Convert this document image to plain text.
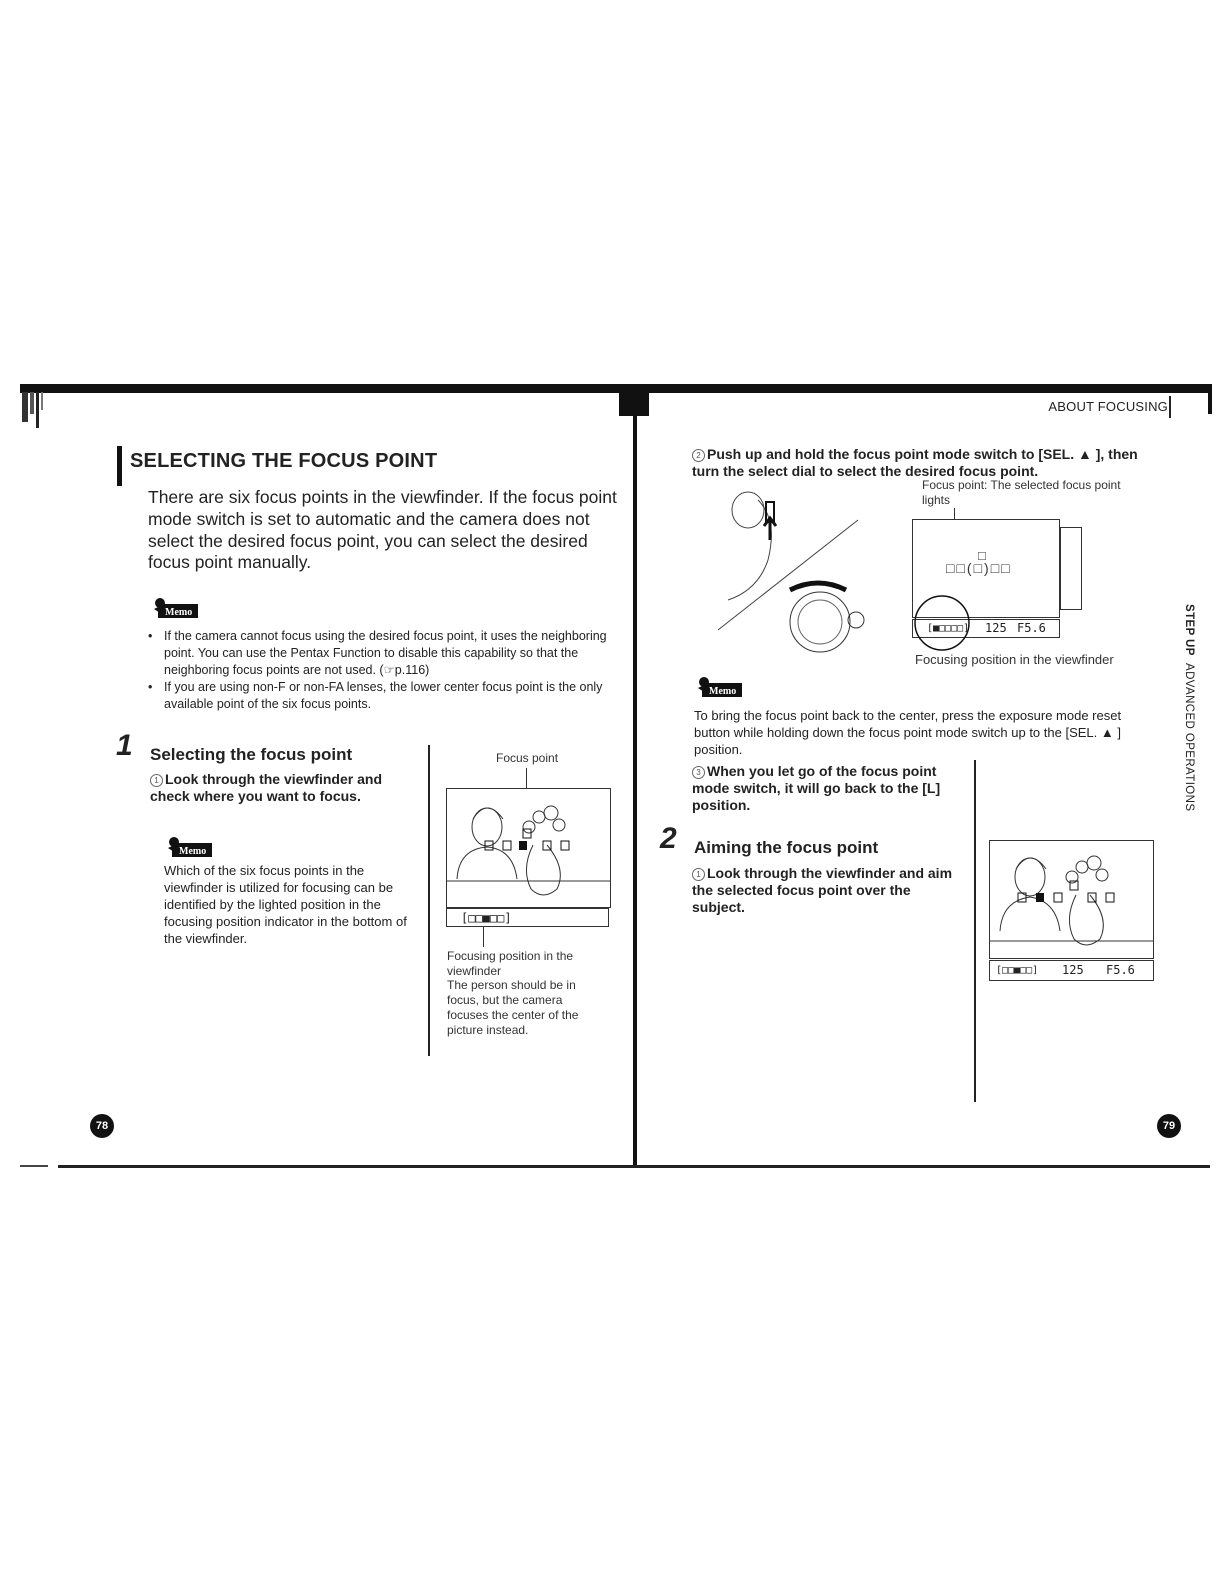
ABOUT FOCUSING
SELECTING THE FOCUS POINT
There are six focus points in the viewfinder. If the focus point mode switch is set to automatic and the camera does not select the desired focus point, you can select the desired focus point manually.
Memo
• If the camera cannot focus using the desired focus point, it uses the neighboring point. You can use the Pentax Function to disable this capability so that the neighboring focus points are not used. (☞p.116)
• If you are using non-F or non-FA lenses, the lower center focus point is the only available point of the six focus points.
1 Selecting the focus point
1 Look through the viewfinder and check where you want to focus.
Memo
Which of the six focus points in the viewfinder is utilized for focusing can be identified by the lighted position in the focusing position indicator in the bottom of the viewfinder.
Focus point
[□□■□□]
Focusing position in the viewfinder
The person should be in focus, but the camera focuses the center of the picture instead.
78
2 Push up and hold the focus point mode switch to [SEL. ▲ ], then turn the select dial to select the desired focus point.
Focus point: The selected focus point lights
□
□□(□)□□
[■□□□□] 125 F5.6
Focusing position in the viewfinder
Memo
To bring the focus point back to the center, press the exposure mode reset button while holding down the focus point mode switch up to the [SEL. ▲ ] position.
3 When you let go of the focus point mode switch, it will go back to the [L] position.
2 Aiming the focus point
1 Look through the viewfinder and aim the selected focus point over the subject.
[□□■□□] 125 F5.6
79
STEP UP  ADVANCED OPERATIONS
